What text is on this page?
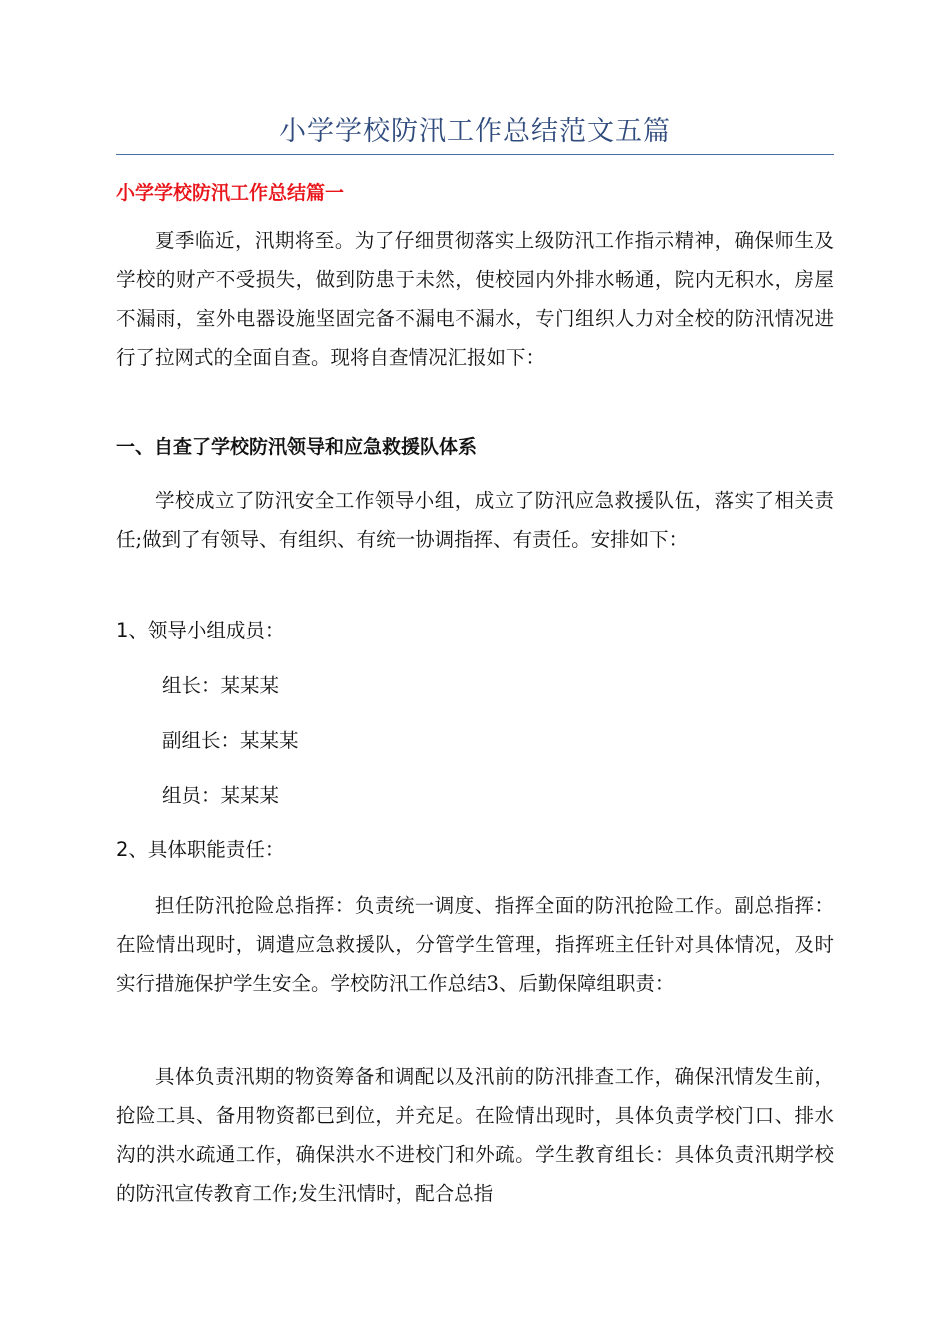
小学学校防汛工作总结范文五篇
小学学校防汛工作总结篇一

夏季临近，汛期将至。为了仔细贯彻落实上级防汛工作指示精神，确保师生及学校的财产不受损失，做到防患于未然，使校园内外排水畅通，院内无积水，房屋不漏雨，室外电器设施坚固完备不漏电不漏水，专门组织人力对全校的防汛情况进行了拉网式的全面自查。现将自查情况汇报如下：

一、自查了学校防汛领导和应急救援队体系

学校成立了防汛安全工作领导小组，成立了防汛应急救援队伍，落实了相关责任;做到了有领导、有组织、有统一协调指挥、有责任。安排如下：

1、领导小组成员：
组长：某某某
副组长：某某某
组员：某某某
2、具体职能责任：

担任防汛抢险总指挥：负责统一调度、指挥全面的防汛抢险工作。副总指挥：在险情出现时，调遣应急救援队，分管学生管理，指挥班主任针对具体情况，及时实行措施保护学生安全。学校防汛工作总结3、后勤保障组职责：

具体负责汛期的物资筹备和调配以及汛前的防汛排查工作，确保汛情发生前，抢险工具、备用物资都已到位，并充足。在险情出现时，具体负责学校门口、排水沟的洪水疏通工作，确保洪水不进校门和外疏。学生教育组长：具体负责汛期学校的防汛宣传教育工作;发生汛情时，配合总指
